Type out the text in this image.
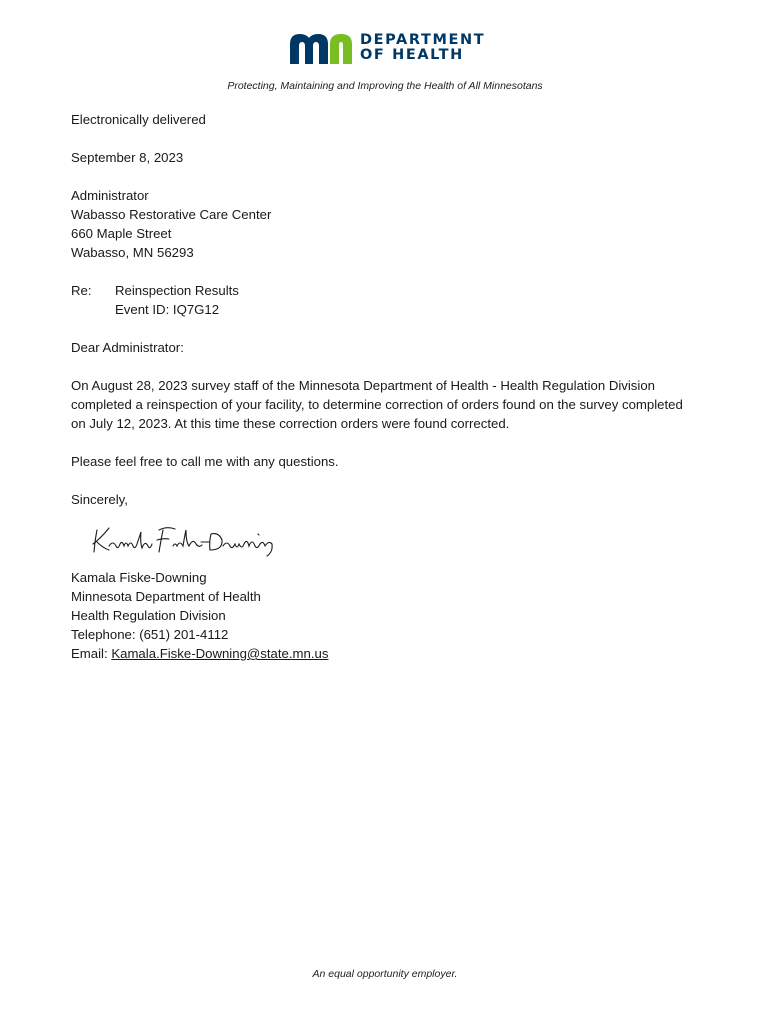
DEPARTMENT
OF HEALTH
Protecting, Maintaining and Improving the Health of All Minnesotans

Electronically delivered

September 8, 2023

Administrator
Wabasso Restorative Care Center
660 Maple Street
Wabasso, MN 56293

Re:	Reinspection Results
Event ID: IQ7G12

Dear Administrator:

On August 28, 2023 survey staff of the Minnesota Department of Health - Health Regulation Division completed a reinspection of your facility, to determine correction of orders found on the survey completed on July 12, 2023. At this time these correction orders were found corrected.

Please feel free to call me with any questions.

Sincerely,

Kamala Fiske-Downing
Minnesota Department of Health
Health Regulation Division
Telephone: (651) 201-4112
Email: Kamala.Fiske-Downing@state.mn.us

An equal opportunity employer.
